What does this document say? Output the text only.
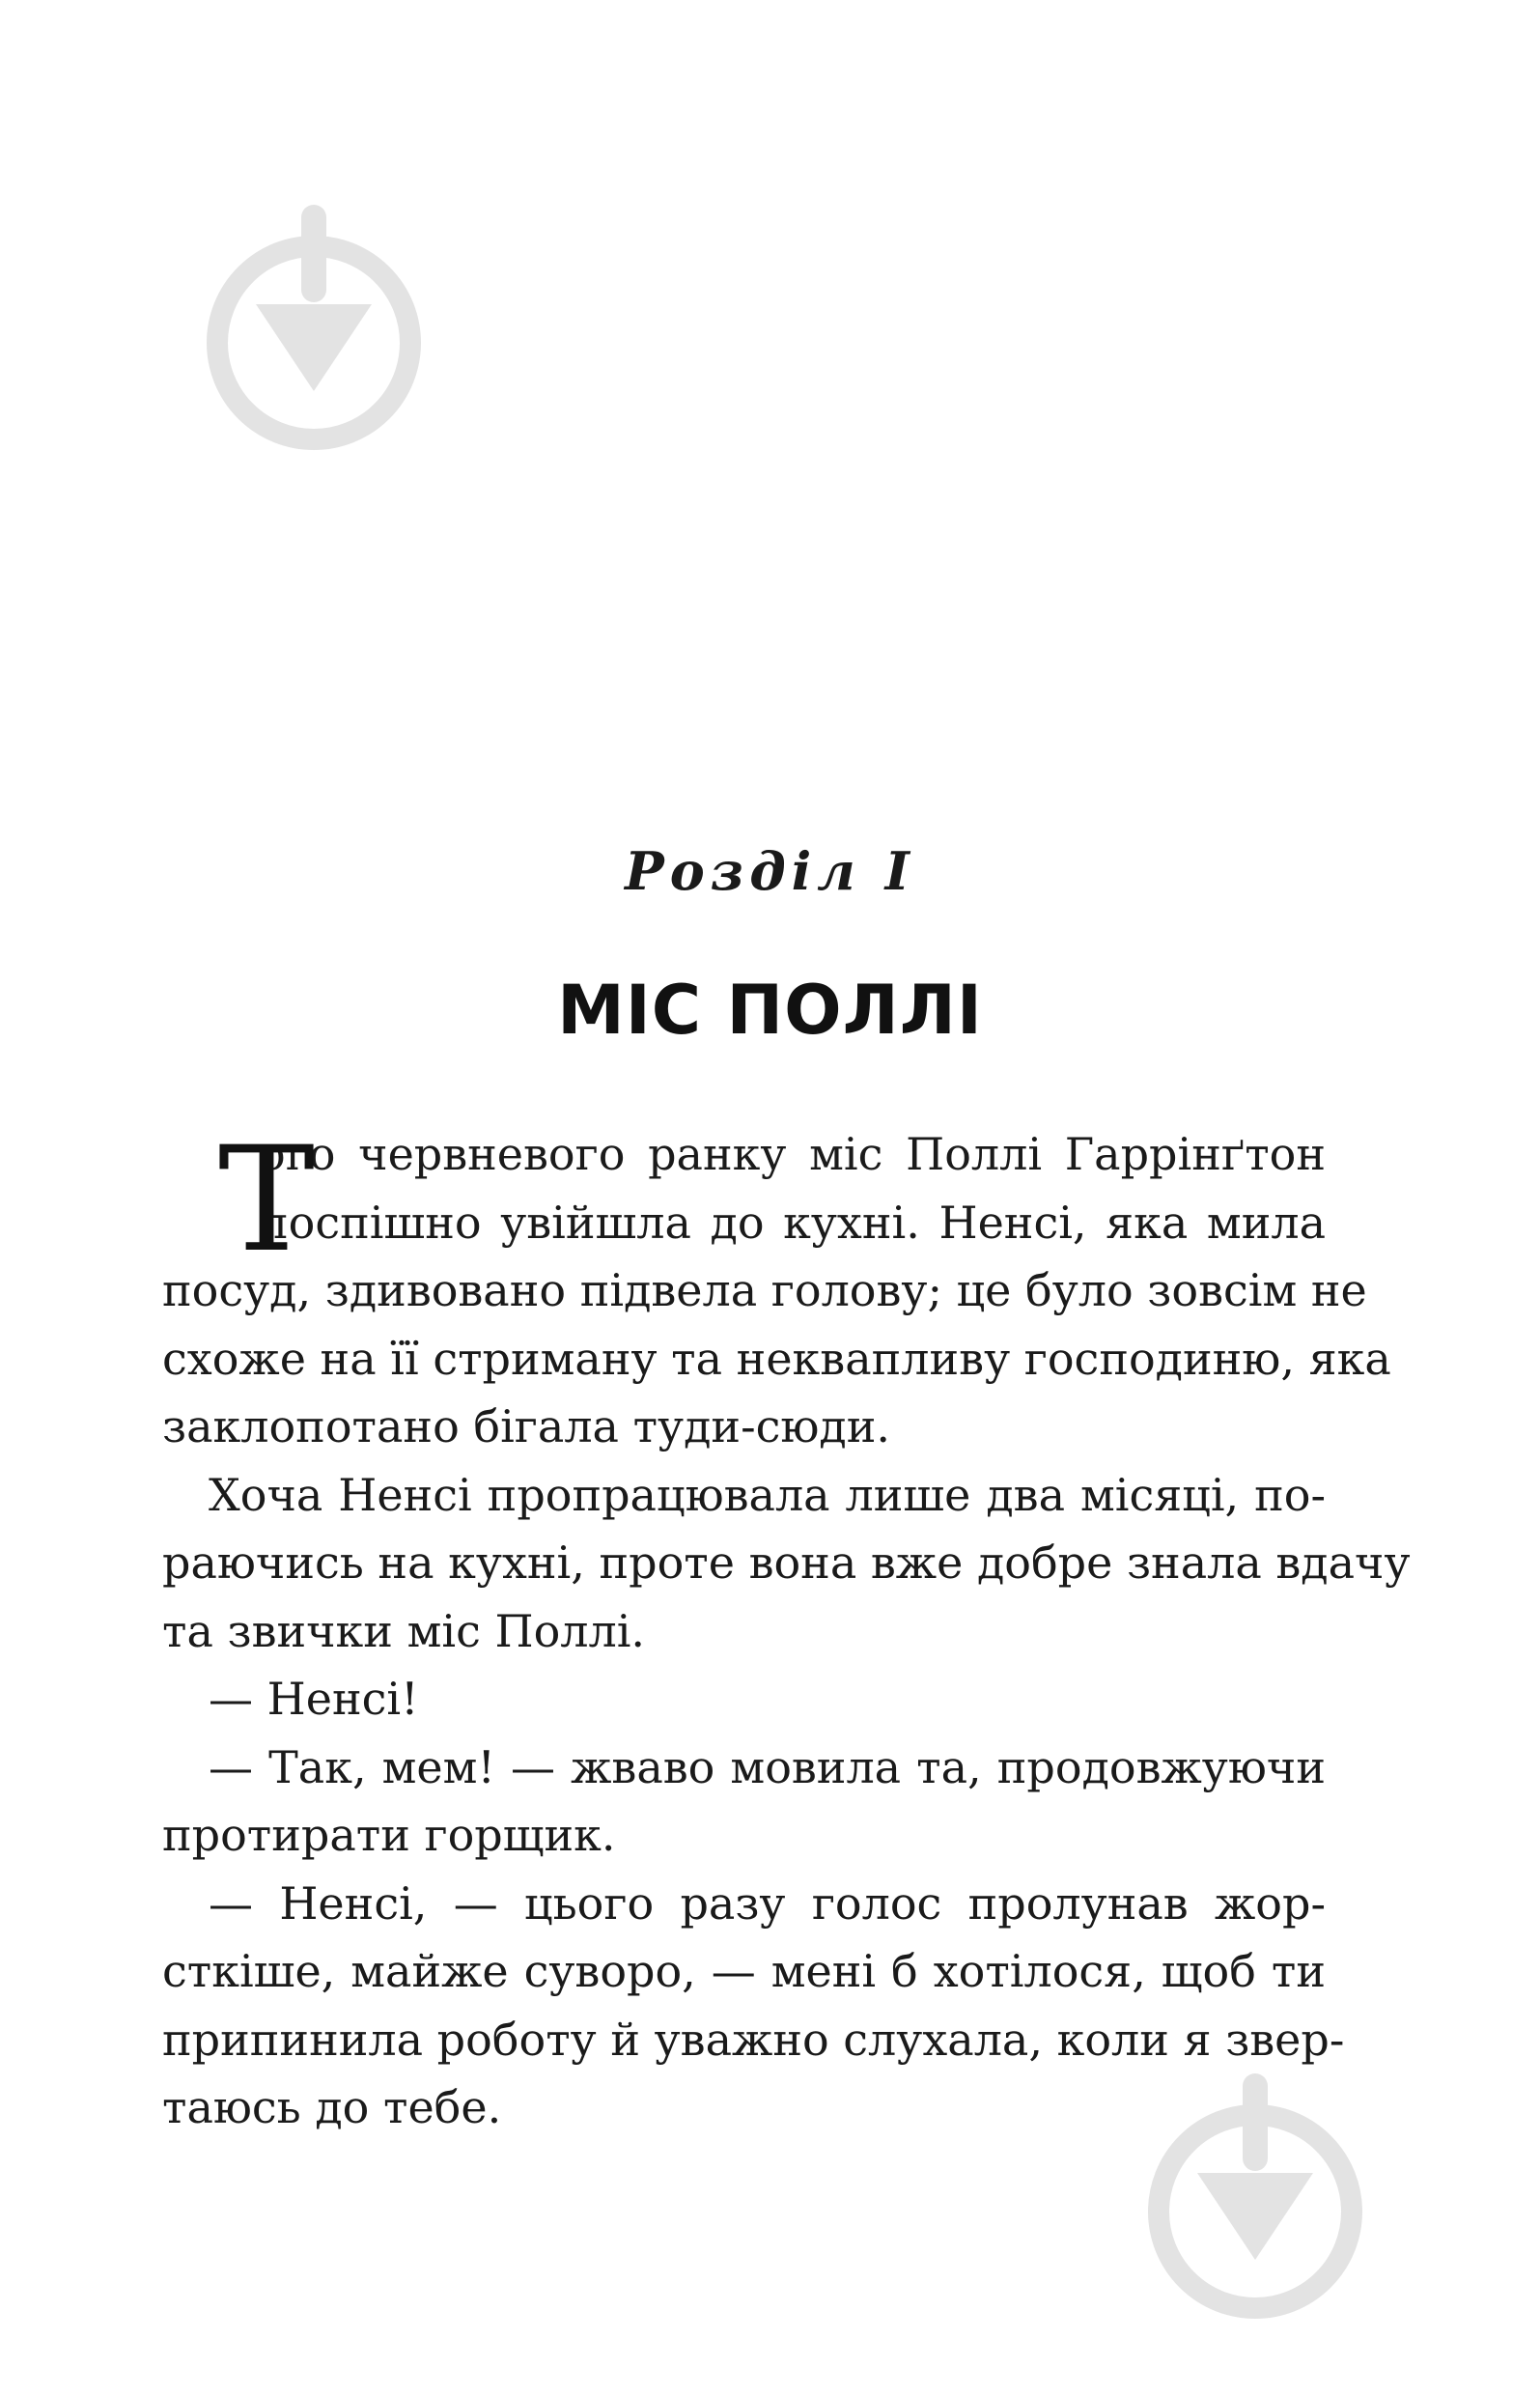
Розділ І
МІС ПОЛЛІ
Т
ого червневого ранку міс Поллі Гаррінґтон
поспішно увійшла до кухні. Ненсі, яка мила
посуд, здивовано підвела голову; це було зовсім не
схоже на її стриману та неквапливу господиню, яка
заклопотано бігала туди-сюди.
Хоча Ненсі пропрацювала лише два місяці, по-
раючись на кухні, проте вона вже добре знала вдачу
та звички міс Поллі.
— Ненсі!
— Так, мем! — жваво мовила та, продовжуючи
протирати горщик.
— Ненсі, — цього разу голос пролунав жор-
сткіше, майже суворо, — мені б хотілося, щоб ти
припинила роботу й уважно слухала, коли я звер-
таюсь до тебе.
